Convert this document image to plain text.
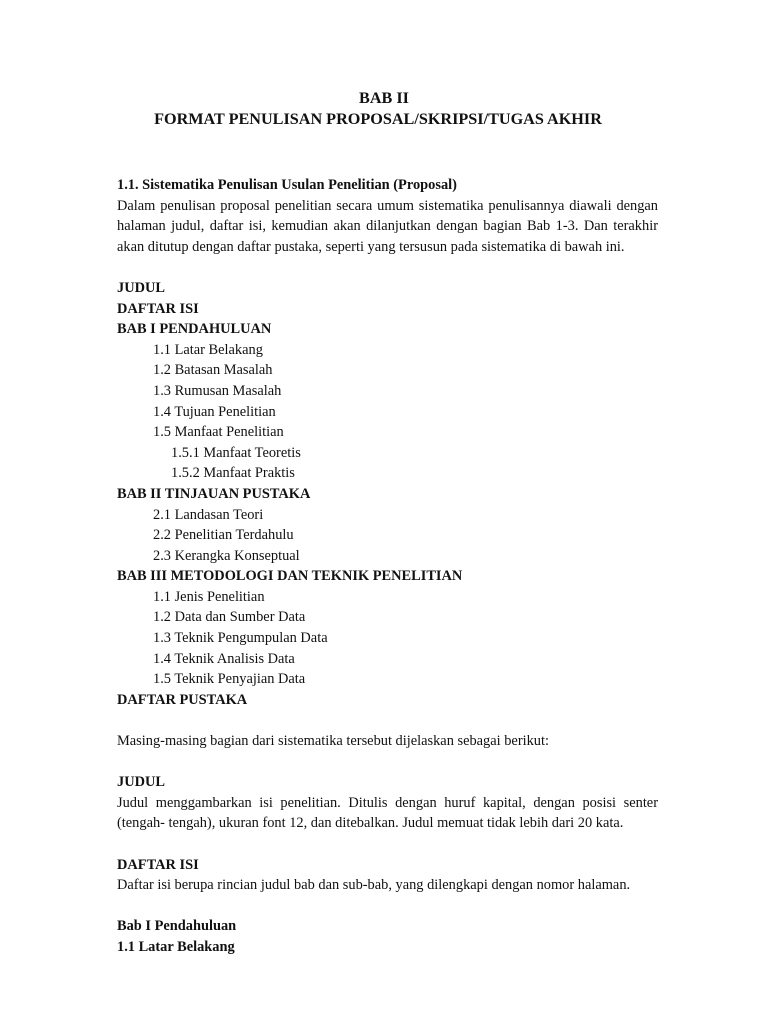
BAB II
FORMAT PENULISAN PROPOSAL/SKRIPSI/TUGAS AKHIR
1.1. Sistematika Penulisan Usulan Penelitian (Proposal)

Dalam penulisan proposal penelitian secara umum sistematika penulisannya diawali dengan halaman judul, daftar isi, kemudian akan dilanjutkan dengan bagian Bab 1-3. Dan terakhir akan ditutup dengan daftar pustaka, seperti yang tersusun pada sistematika di bawah ini.

JUDUL
DAFTAR ISI
BAB I PENDAHULUAN
1.1 Latar Belakang
1.2 Batasan Masalah
1.3 Rumusan Masalah
1.4 Tujuan Penelitian
1.5 Manfaat Penelitian
1.5.1 Manfaat Teoretis
1.5.2 Manfaat Praktis
BAB II TINJAUAN PUSTAKA
2.1 Landasan Teori
2.2 Penelitian Terdahulu
2.3 Kerangka Konseptual
BAB III METODOLOGI DAN TEKNIK PENELITIAN
1.1 Jenis Penelitian
1.2 Data dan Sumber Data
1.3 Teknik Pengumpulan Data
1.4 Teknik Analisis Data
1.5 Teknik Penyajian Data
DAFTAR PUSTAKA
Masing-masing bagian dari sistematika tersebut dijelaskan sebagai berikut:
JUDUL

Judul menggambarkan isi penelitian. Ditulis dengan huruf kapital, dengan posisi senter (tengah- tengah), ukuran font 12, dan ditebalkan. Judul memuat tidak lebih dari 20 kata.

DAFTAR ISI

Daftar isi berupa rincian judul bab dan sub-bab, yang dilengkapi dengan nomor halaman.

Bab I Pendahuluan
1.1 Latar Belakang
